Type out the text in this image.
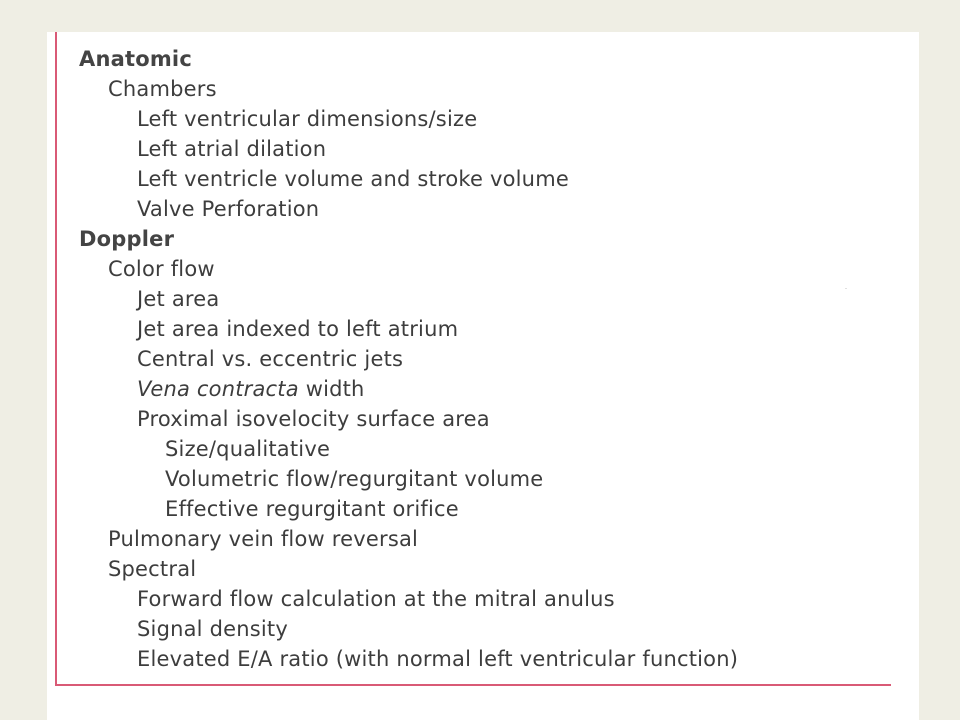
Anatomic
Chambers
Left ventricular dimensions/size
Left atrial dilation
Left ventricle volume and stroke volume
Valve Perforation
Doppler
Color flow
Jet area
Jet area indexed to left atrium
Central vs. eccentric jets
Vena contracta width
Proximal isovelocity surface area
Size/qualitative
Volumetric flow/regurgitant volume
Effective regurgitant orifice
Pulmonary vein flow reversal
Spectral
Forward flow calculation at the mitral anulus
Signal density
Elevated E/A ratio (with normal left ventricular function)
